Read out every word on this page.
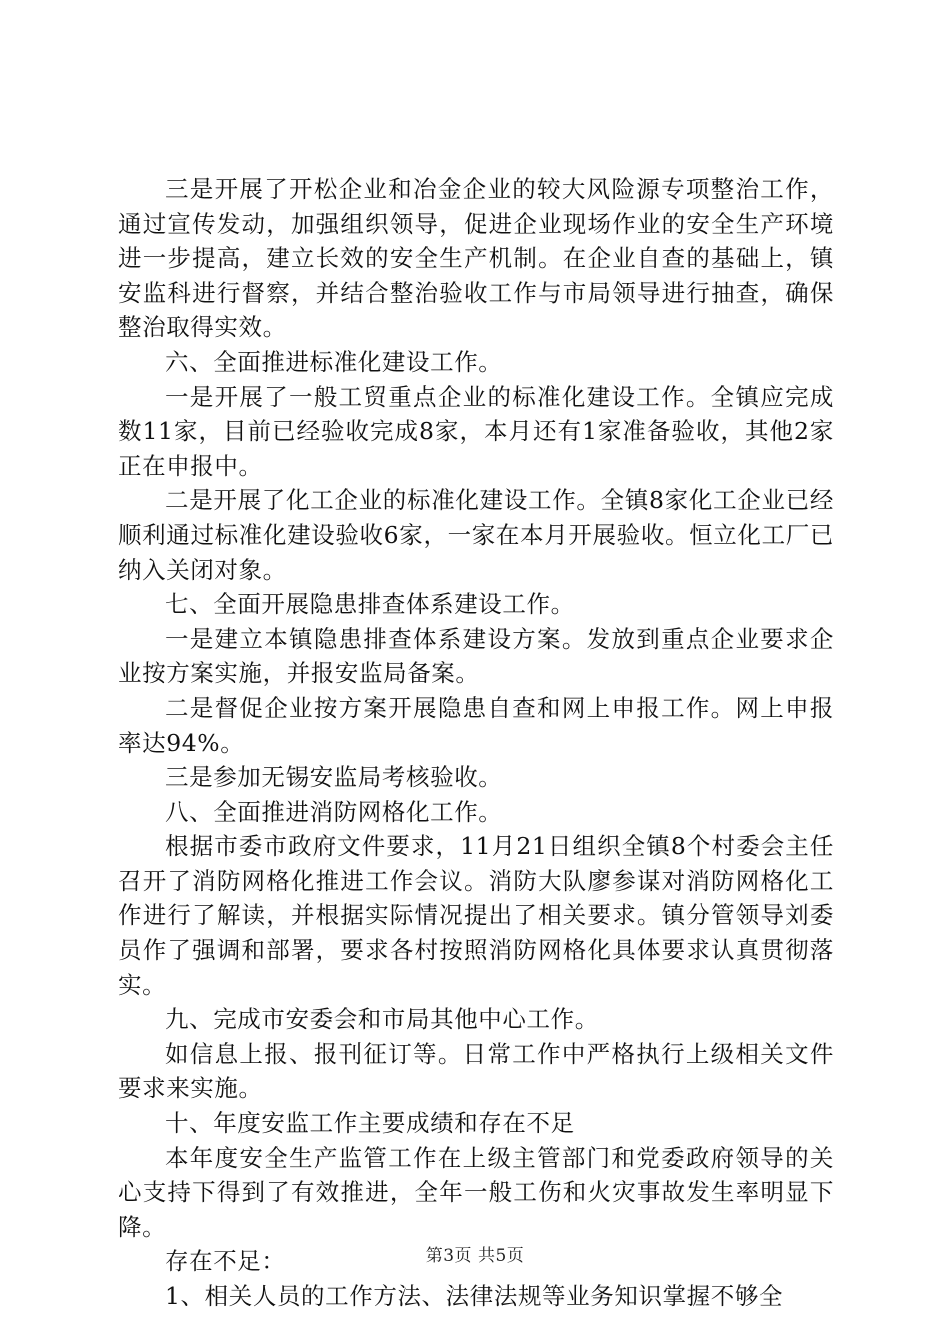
三是开展了开松企业和冶金企业的较大风险源专项整治工作，通过宣传发动，加强组织领导，促进企业现场作业的安全生产环境进一步提高，建立长效的安全生产机制。在企业自查的基础上，镇安监科进行督察，并结合整治验收工作与市局领导进行抽查，确保整治取得实效。

六、全面推进标准化建设工作。

一是开展了一般工贸重点企业的标准化建设工作。全镇应完成数11家，目前已经验收完成8家，本月还有1家准备验收，其他2家正在申报中。

二是开展了化工企业的标准化建设工作。全镇8家化工企业已经顺利通过标准化建设验收6家，一家在本月开展验收。恒立化工厂已纳入关闭对象。

七、全面开展隐患排查体系建设工作。

一是建立本镇隐患排查体系建设方案。发放到重点企业要求企业按方案实施，并报安监局备案。

二是督促企业按方案开展隐患自查和网上申报工作。网上申报率达94%。

三是参加无锡安监局考核验收。

八、全面推进消防网格化工作。

根据市委市政府文件要求，11月21日组织全镇8个村委会主任召开了消防网格化推进工作会议。消防大队廖参谋对消防网格化工作进行了解读，并根据实际情况提出了相关要求。镇分管领导刘委员作了强调和部署，要求各村按照消防网格化具体要求认真贯彻落实。

九、完成市安委会和市局其他中心工作。

如信息上报、报刊征订等。日常工作中严格执行上级相关文件要求来实施。

十、年度安监工作主要成绩和存在不足

本年度安全生产监管工作在上级主管部门和党委政府领导的关心支持下得到了有效推进，全年一般工伤和火灾事故发生率明显下降。

存在不足：

1、相关人员的工作方法、法律法规等业务知识掌握不够全

第3页 共5页
